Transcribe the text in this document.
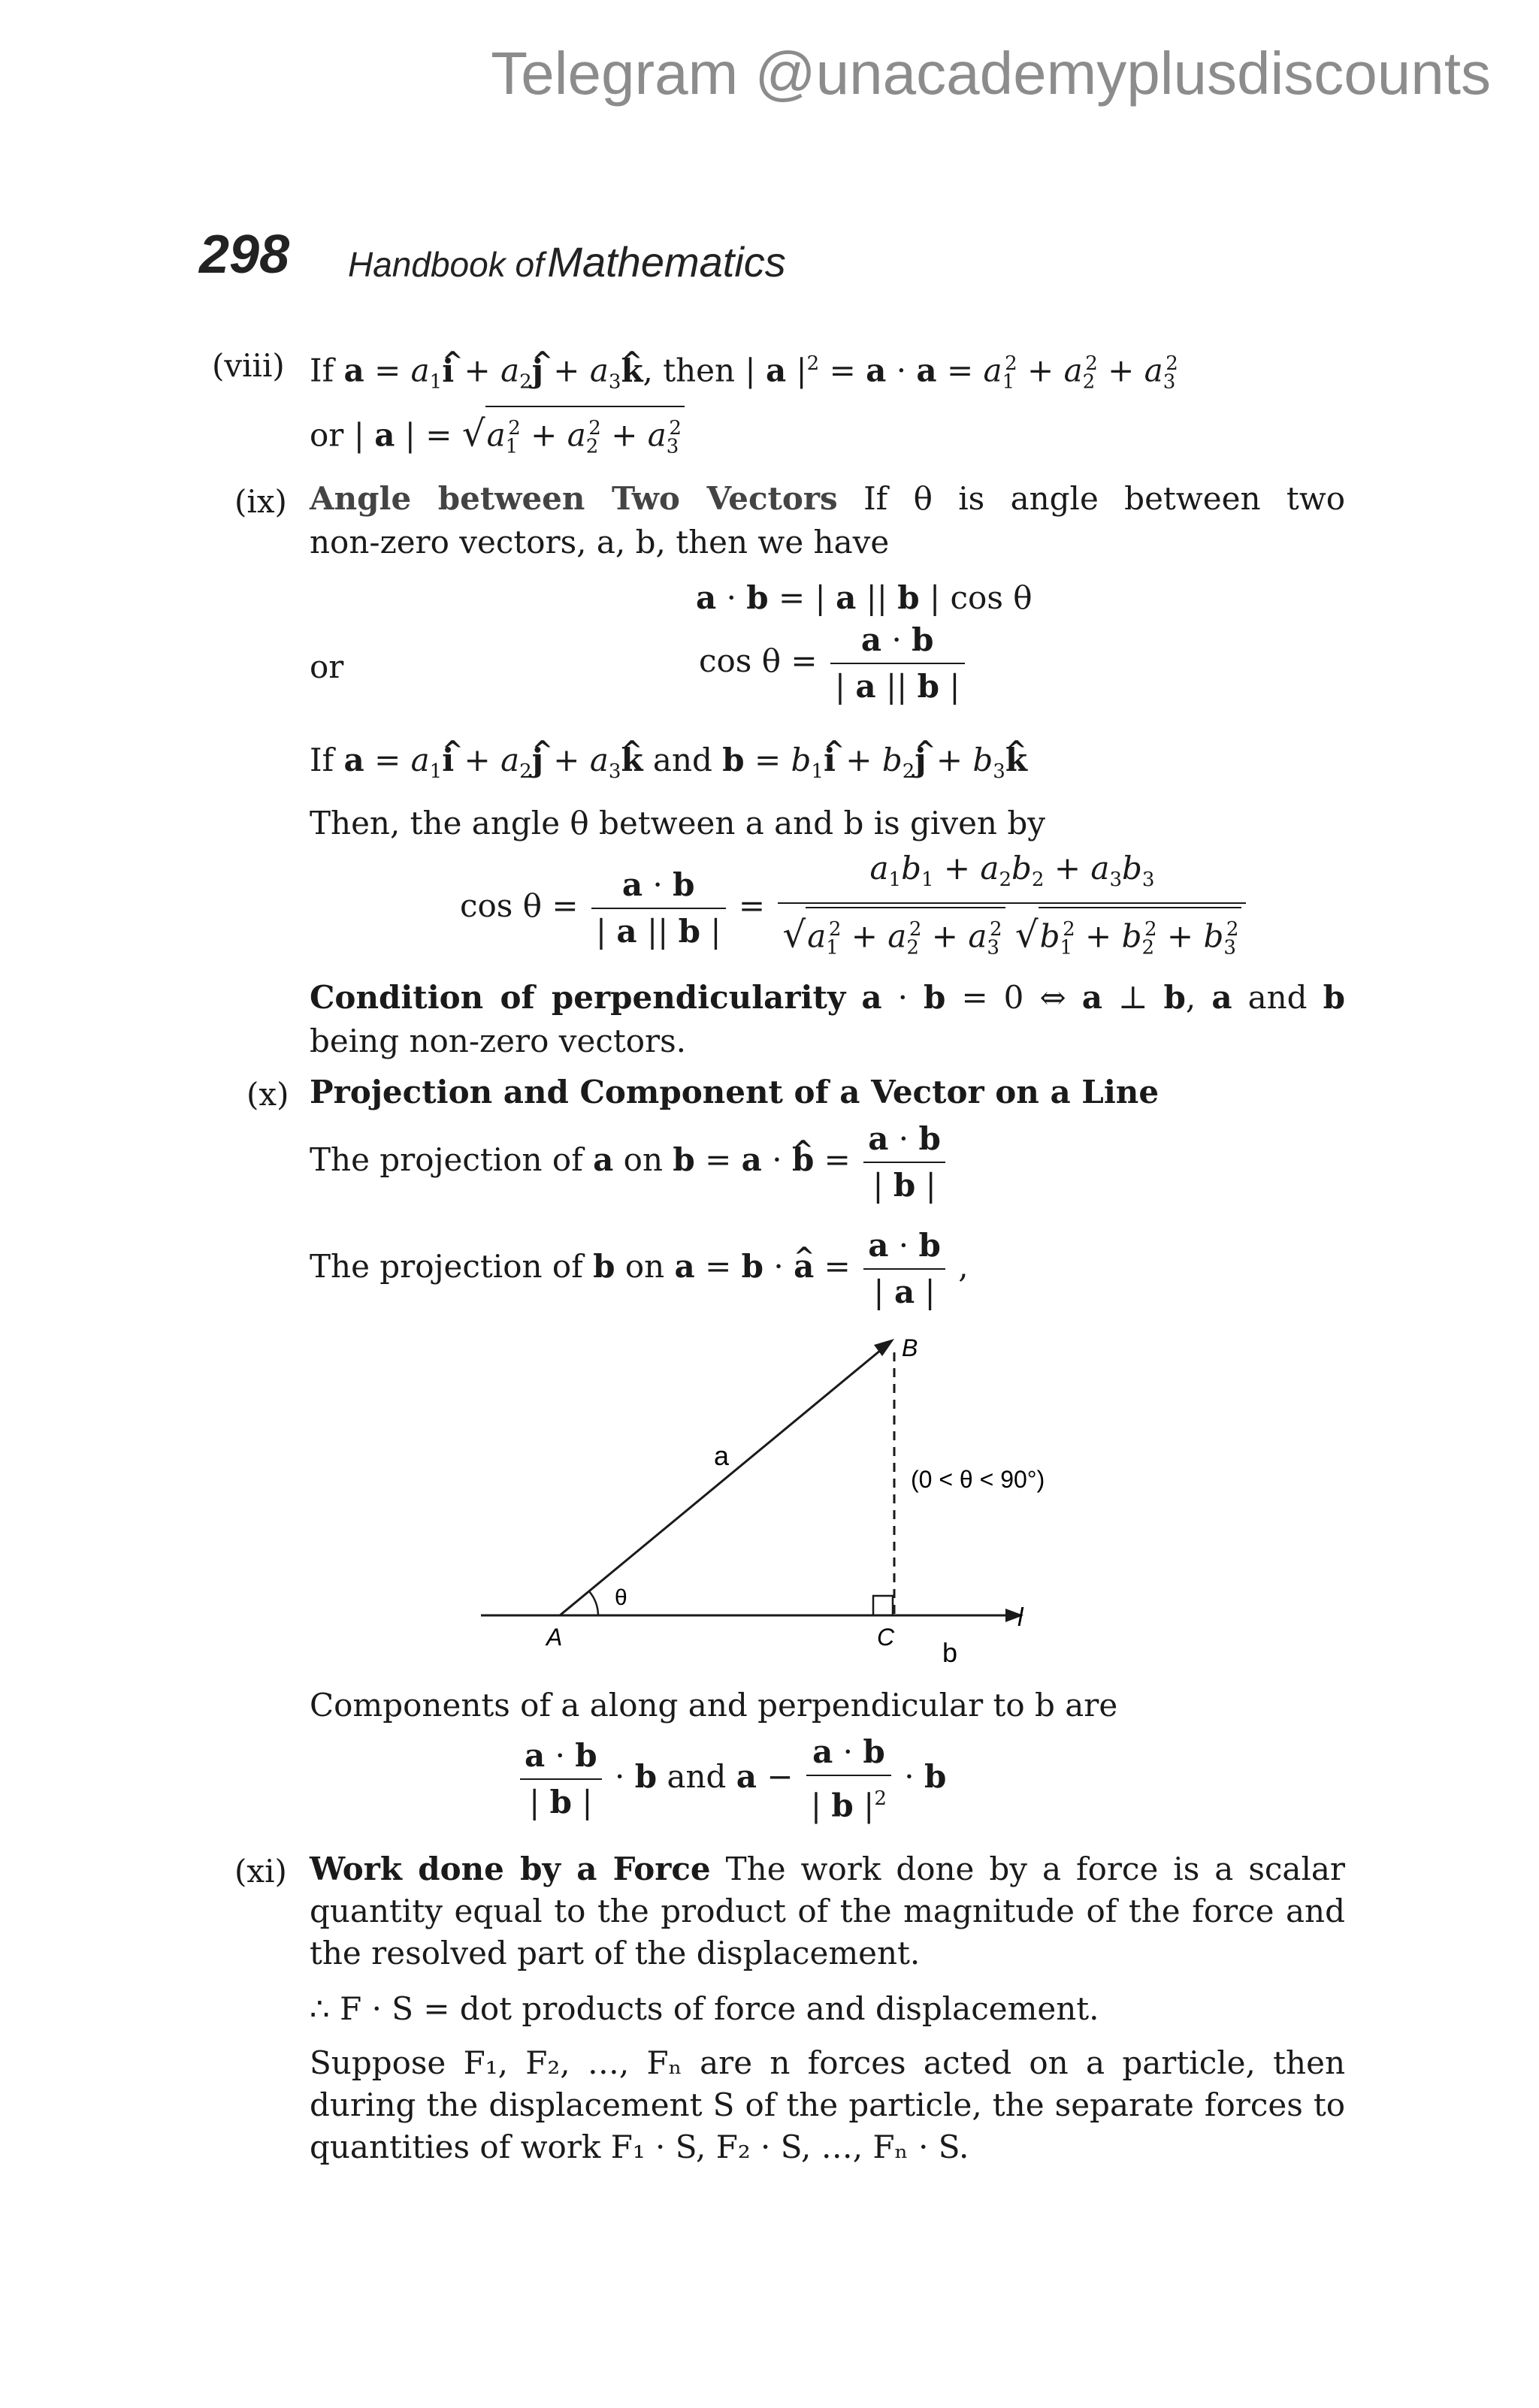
Telegram @unacademyplusdiscounts
298 Handbook of Mathematics
(viii) If $a = a_1i$ ^ + $a_2j$ ^ + $a_3k$ ^, then | a $|^2 = a \cdot a = a_1^2 + a_2^2 + a_3^2$
or | a | = $√a_1^2 + a_2^2 + a_3^2$
(ix) Angle between Two Vectors If θ is angle between two
non-zero vectors, a, b, then we have
a · b = | a || b | cos θ
or	$\cos \theta = \frac{a \cdot b}{| a || b |}$
If $a = a_1i$ ^ + $a_2j$ ^ + $a_3k$ ^ and $b = b_1i$ ^ + $b_2j$ ^ + $b_3k$ ^
Then, the angle θ between a and b is given by
$\cos \theta = \frac{a \cdot b}{| a || b |} = \frac{a_1b_1 + a_2b_2 + a_3b_3}{√a_1^2 + a_2^2 + a_3^2 √b_1^2 + b_2^2 + b_3^2}$
Condition of perpendicularity a · b = 0 ⇔ a ⊥ b, a and b
being non-zero vectors.
(x) Projection and Component of a Vector on a Line
The projection of a on b = a · b ^ = $\frac{a \cdot b}{| b |}$
The projection of b on a = b · a ^ = $\frac{a \cdot b}{| a |}$ ,
B
A	C
l
a
b
θ
(0 < θ < 90°)
Components of a along and perpendicular to b are
$\frac{a \cdot b}{| b |} \cdot b$ and $a - \frac{a \cdot b}{| b |^2} \cdot b$
(xi) Work done by a Force The work done by a force is a scalar
quantity equal to the product of the magnitude of the force and
the resolved part of the displacement.
∴ F · S = dot products of force and displacement.
Suppose F₁, F₂, …, Fₙ are n forces acted on a particle, then
during the displacement S of the particle, the separate forces to
quantities of work F₁ · S, F₂ · S, …, Fₙ · S.
